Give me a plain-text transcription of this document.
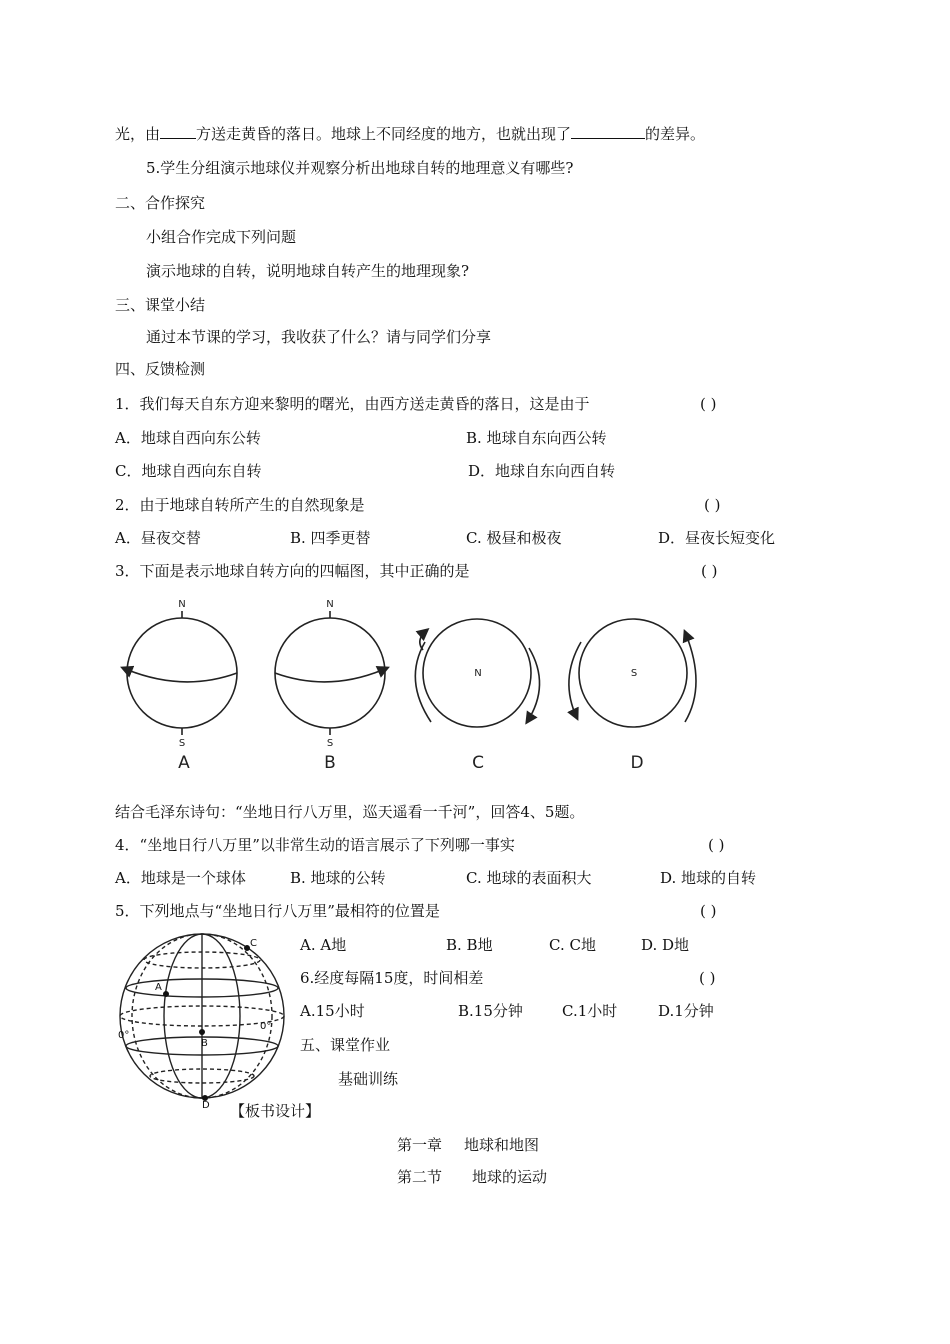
光，由 方送走黄昏的落日。地球上不同经度的地方，也就出现了	的差异。
5.学生分组演示地球仪并观察分析出地球自转的地理意义有哪些?
二、合作探究
小组合作完成下列问题
演示地球的自转，说明地球自转产生的地理现象?
三、课堂小结
通过本节课的学习，我收获了什么？请与同学们分享
四、反馈检测
1．我们每天自东方迎来黎明的曙光，由西方送走黄昏的落日，这是由于	( )
A．地球自西向东公转	B. 地球自东向西公转
C．地球自西向东自转	D．地球自东向西自转
2．由于地球自转所产生的自然现象是	( )
A．昼夜交替	B. 四季更替	C. 极昼和极夜	D．昼夜长短变化
3．下面是表示地球自转方向的四幅图，其中正确的是	( )
N
S
N
S
N	S
A	B	C	D
结合毛泽东诗句：“坐地日行八万里，巡天遥看一千河”，回答4、5题。
4．“坐地日行八万里”以非常生动的语言展示了下列哪一事实	( )
A．地球是一个球体	B. 地球的公转	C. 地球的表面积大	D. 地球的自转
5．下列地点与“坐地日行八万里”最相符的位置是	( )
C
A
B
D
0°
0°
A. A地	B. B地	C. C地	D. D地
6.经度每隔15度，时间相差	( )
A.15小时	B.15分钟	C.1小时	D.1分钟
五、课堂作业
基础训练
【板书设计】
第一章 地球和地图
第二节 地球的运动
